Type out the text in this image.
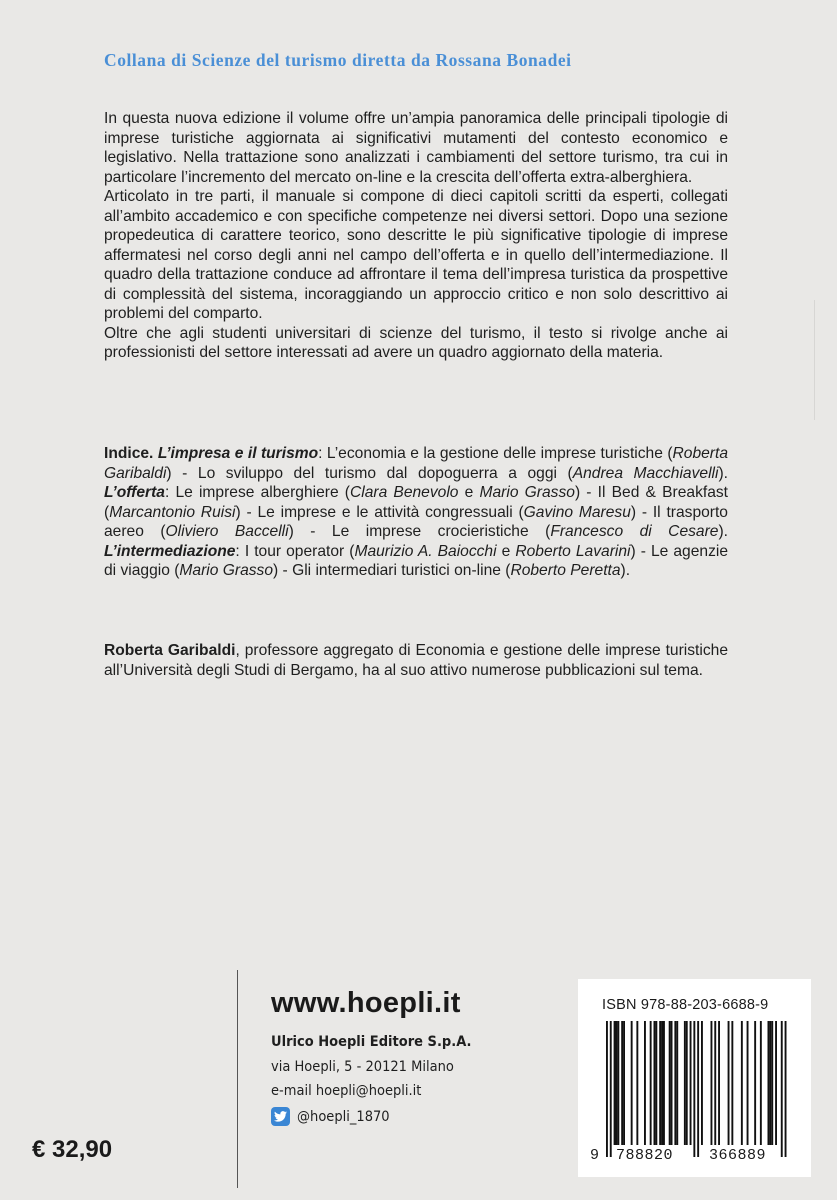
Collana di Scienze del turismo diretta da Rossana Bonadei

In questa nuova edizione il volume offre un’ampia panoramica delle principali tipologie di imprese turistiche aggiornata ai significativi mutamenti del contesto economico e legislativo. Nella trattazione sono analizzati i cambiamenti del settore turismo, tra cui in particolare l’incremento del mercato on-line e la crescita dell’offerta extra-alberghiera.

Articolato in tre parti, il manuale si compone di dieci capitoli scritti da esperti, collegati all’ambito accademico e con specifiche competenze nei diversi settori. Dopo una sezione propedeutica di carattere teorico, sono descritte le più significative tipologie di imprese affermatesi nel corso degli anni nel campo dell’offerta e in quello dell’intermediazione. Il quadro della trattazione conduce ad affrontare il tema dell’impresa turistica da prospettive di complessità del sistema, incoraggiando un approccio critico e non solo descrittivo ai problemi del comparto.

Oltre che agli studenti universitari di scienze del turismo, il testo si rivolge anche ai professionisti del settore interessati ad avere un quadro aggiornato della materia.

Indice. L’impresa e il turismo: L’economia e la gestione delle imprese turistiche (Roberta Garibaldi) - Lo sviluppo del turismo dal dopoguerra a oggi (Andrea Macchiavelli). L’offerta: Le imprese alberghiere (Clara Benevolo e Mario Grasso) - Il Bed & Breakfast (Marcantonio Ruisi) - Le imprese e le attività congressuali (Gavino Maresu) - Il trasporto aereo (Oliviero Baccelli) - Le imprese crocieristiche (Francesco di Cesare). L’intermediazione: I tour operator (Maurizio A. Baiocchi e Roberto Lavarini) - Le agenzie di viaggio (Mario Grasso) - Gli intermediari turistici on-line (Roberto Peretta).
Roberta Garibaldi, professore aggregato di Economia e gestione delle imprese turistiche all’Università degli Studi di Bergamo, ha al suo attivo numerose pubblicazioni sul tema.
www.hoepli.it
Ulrico Hoepli Editore S.p.A.
via Hoepli, 5 - 20121 Milano
e-mail hoepli@hoepli.it
@hoepli_1870
€ 32,90
ISBN 978-88-203-6688-9
9 788820 366889
